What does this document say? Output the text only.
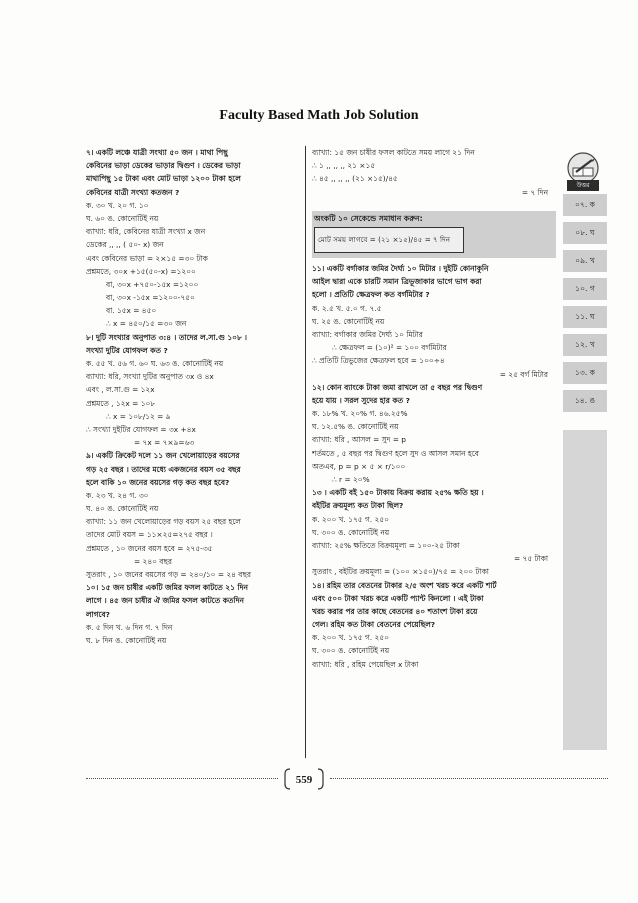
Faculty Based Math Job Solution
৭। একটি লঞ্চে যাত্রী সংখ্যা ৫০ জন । মাথা পিছু
কেবিনের ভাড়া ডেকের ভাড়ার দ্বিগুণ । ডেকের ভাড়া
মাথাপিছু ১৫ টাকা এবং মোট ভাড়া ১২০০ টাকা হলে
কেবিনের যাত্রী সংখ্যা কতজন ?
ক. ৩০ খ. ২০ গ. ১০
ঘ. ৬০ ঙ. কোনোটিই নয়
ব্যাখ্যা: ধরি, কেবিনের যাত্রী সংখ্যা x জন
ডেকের ,, ,, ( ৫০- x) জন
এবং কেবিনের ভাড়া = ২×১৫ =৩০ টাক
প্রশ্নমতে, ৩০x +১৫(৫০-x) =১২০০
বা, ৩০x +৭৫০-১৫x =১২০০
বা, ৩০x -১৫x =১২০০-৭৫০
বা. ১৫x = ৪৫০
∴ x = ৪৫০/১৫ =৩০ জন
৮। দুটি সংখ্যার অনুপাত ৩:৪ । তাদের ল.সা.গু ১০৮ ।
সংখ্যা দুটির যোগফল কত ?
ক. ৫৫ খ. ৫৬ গ. ৬০ ঘ. ৬৩ ঙ. কোনোটিই নয়
ব্যাখ্যা: ধরি, সংখ্যা দুটির অনুপাত ৩x ও ৪x
এবং , ল.সা.গু = ১২x
প্রশ্নমতে , ১২x = ১০৮
∴ x = ১০৮/১২ = ৯
∴ সংখ্যা দুইটির যোগফল = ৩x +৪x
= ৭x = ৭×৯=৬৩
৯। একটি ক্রিকেট দলে ১১ জন খেলোয়াড়ের বয়সের
গড় ২৫ বছর । তাদের মধ্যে একজনের বয়স ৩৫ বছর
হলে বাকি ১০ জনের বয়সের গড় কত বছর হবে?
ক. ২৩ খ. ২৪ গ. ৩০
ঘ. ৪০ ঙ. কোনোটিই নয়
ব্যাখ্যা: ১১ জন খেলোয়াড়ের গড় বয়স ২৫ বছর হলে
তাদের মোট বয়স = ১১×২৫=২৭৫ বছর ।
প্রশ্নমতে , ১০ জনের বয়স হবে = ২৭৫-৩৫
= ২৪০ বছর
সুতরাং , ১০ জনের বয়সের গড় = ২৪০/১০ = ২৪ বছর
১০। ১৫ জন চাষীর একটি জমির ফসল কাটতে ২১ দিন
লাগে । ৪৫ জন চাষীর ঐ জমির ফসল কাটতে কতদিন
লাগবে?
ক. ৫ দিন খ. ৬ দিন গ. ৭ দিন
ঘ. ৮ দিন ঙ. কোনোটিই নয়
ব্যাখ্যা: ১৫ জন চাষীর ফসল কাটতে সময় লাগে ২১ দিন
∴ ১ ,, ,, ,, ২১ ×১৫
∴ ৪৫ ,, ,, ,, (২১ ×১৫)/৪৫
= ৭ দিন
অংকটি ১০ সেকেন্ডে সমাধান করুন:
মোট সময় লাগবে = (২১ ×১৫)/৪৫ = ৭ দিন
১১। একটি বর্গাকার জমির দৈর্ঘ্য ১০ মিটার । দুইটি কোনাকুনি
আইল দ্বারা একে চারটি সমান ত্রিভূজাকার ভাগে ভাগ করা
হলো । প্রতিটি ক্ষেত্রফল কত বর্গমিটার ?
ক. ২.৫ খ. ৫.০ গ. ৭.৫
ঘ. ২৫ ঙ. কোনোটিই নয়
ব্যাখ্যা: বর্গাকার জমির দৈর্ঘ্য ১০ মিটার
∴ ক্ষেত্রফল = (১০)² = ১০০ বর্গমিটার
∴ প্রতিটি ত্রিভুজের ক্ষেত্রফল হবে = ১০০÷৪
= ২৫ বর্গ মিটার
১২। কোন ব্যাংকে টাকা জমা রাখলে তা ৫ বছর পর দ্বিগুণ
হয়ে যায় । সরল সুদের হার কত ?
ক. ১৮% খ. ২০% গ. ৪৬.২৫%
ঘ. ১২.৫% ঙ. কোনোটিই নয়
ব্যাখ্যা: ধরি , আসল = সুদ = p
শর্তমতে , ৫ বছর পর দ্বিগুণ হলে সুদ ও আসল সমান হবে
অতএব, p = p × ৫ × r/১০০
∴ r = ২০%
১৩ । একটি বই ১৫০ টাকায় বিক্রয় করায় ২৫% ক্ষতি হয় ।
বইটির ক্রয়মূল্য কত টাকা ছিল?
ক. ২০০ খ. ১৭৫ গ. ২৫০
ঘ. ৩০০ ঙ. কোনোটিই নয়
ব্যাখ্যা: ২৫% ক্ষতিতে বিক্রয়মূল্য = ১০০-২৫ টাকা
= ৭৫ টাকা
সুতরাং , বইটির ক্রয়মূল্য = (১০০ ×১৫০)/৭৫ = ২০০ টাকা
১৪। রহিম তার বেতনের টাকার ২/৫ অংশ খরচ করে একটি শার্ট
এবং ৫০০ টাকা খরচ করে একটি প্যান্ট কিনলো । এই টাকা
খরচ করার পর তার কাছে বেতনের ৪০ শতাংশ টাকা রয়ে
গেল। রহিম কত টাকা বেতনের পেয়েছিল?
ক. ২০০ খ. ১৭৫ গ. ২৫০
ঘ. ৩০০ ঙ. কোনোটিই নয়
ব্যাখ্যা: ধরি , রহিম পেয়েছিল x টাকা
উত্তর
০৭. ক
০৮. ঘ
০৯. খ
১০. গ
১১. ঘ
১২. খ
১৩. ক
১৪. ঙ
559
